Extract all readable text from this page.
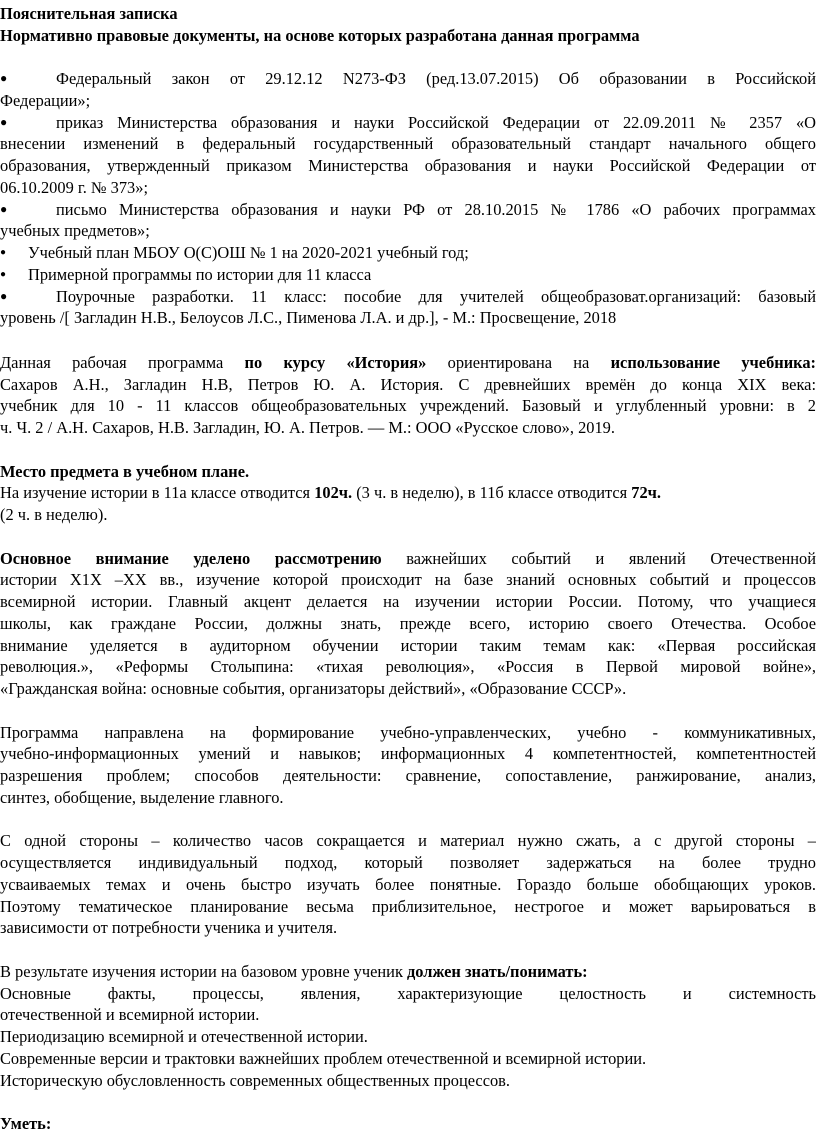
Пояснительная записка
Нормативно правовые документы, на основе которых разработана данная программа
●	Федеральный закон от 29.12.12 N273-ФЗ (ред.13.07.2015) Об образовании в Российской
Федерации»;
●	приказ Министерства образования и науки Российской Федерации от 22.09.2011 № 2357 «О
внесении изменений в федеральный государственный образовательный стандарт начального общего
образования, утвержденный приказом Министерства образования и науки Российской Федерации от
06.10.2009 г. № 373»;
●	письмо Министерства образования и науки РФ от 28.10.2015 № 1786 «О рабочих программах
учебных предметов»;
● Учебный план МБОУ О(С)ОШ № 1 на 2020-2021 учебный год;
● Примерной программы по истории для 11 класса
●	Поурочные разработки. 11 класс: пособие для учителей общеобразоват.организаций: базовый
уровень /[ Загладин Н.В., Белоусов Л.С., Пименова Л.А. и др.], - М.: Просвещение, 2018
Данная рабочая программа по курсу «История» ориентирована на использование учебника:
Сахаров А.Н., Загладин Н.В, Петров Ю. А. История. С древнейших времён до конца XIX века:
учебник для 10 - 11 классов общеобразовательных учреждений. Базовый и углубленный уровни: в 2
ч. Ч. 2 / А.Н. Сахаров, Н.В. Загладин, Ю. А. Петров. — М.: ООО «Русское слово», 2019.
Место предмета в учебном плане.
На изучение истории в 11а классе отводится 102ч. (3 ч. в неделю), в 11б классе отводится 72ч.
(2 ч. в неделю).
Основное внимание уделено рассмотрению важнейших событий и явлений Отечественной
истории Х1Х –ХХ вв., изучение которой происходит на базе знаний основных событий и процессов
всемирной истории. Главный акцент делается на изучении истории России. Потому, что учащиеся
школы, как граждане России, должны знать, прежде всего, историю своего Отечества. Особое
внимание уделяется в аудиторном обучении истории таким темам как: «Первая российская
революция.», «Реформы Столыпина: «тихая революция», «Россия в Первой мировой войне»,
«Гражданская война: основные события, организаторы действий», «Образование СССР».
Программа направлена на формирование учебно-управленческих, учебно - коммуникативных,
учебно-информационных умений и навыков; информационных 4 компетентностей, компетентностей
разрешения проблем; способов деятельности: сравнение, сопоставление, ранжирование, анализ,
синтез, обобщение, выделение главного.
С одной стороны – количество часов сокращается и материал нужно сжать, а с другой стороны –
осуществляется индивидуальный подход, который позволяет задержаться на более трудно
усваиваемых темах и очень быстро изучать более понятные. Гораздо больше обобщающих уроков.
Поэтому тематическое планирование весьма приблизительное, нестрогое и может варьироваться в
зависимости от потребности ученика и учителя.
В результате изучения истории на базовом уровне ученик должен знать/понимать:
Основные факты, процессы, явления, характеризующие целостность и системность
отечественной и всемирной истории.
Периодизацию всемирной и отечественной истории.
Современные версии и трактовки важнейших проблем отечественной и всемирной истории.
Историческую обусловленность современных общественных процессов.
Уметь:
